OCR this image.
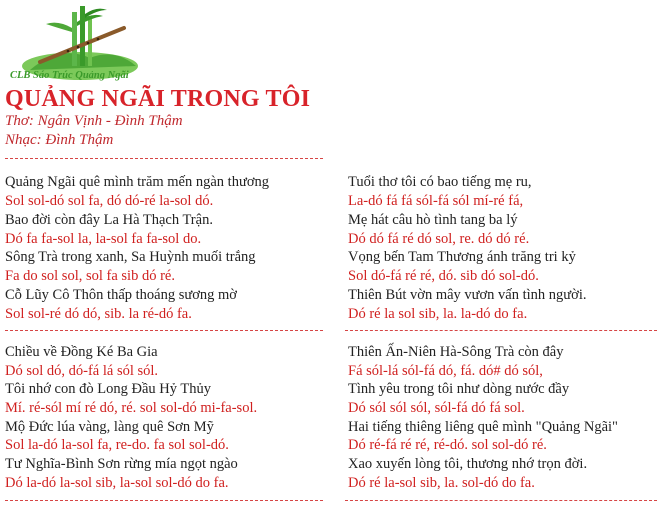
CLB Sáo Trúc Quảng Ngãi
QUẢNG NGÃI TRONG TÔI
Thơ: Ngân Vịnh - Đình Thậm
Nhạc: Đình Thậm
Quảng Ngãi quê mình trăm mến ngàn thương
Sol sol-dó sol fa, dó dó-ré la-sol dó.
Bao đời còn đây La Hà Thạch Trận.
Dó fa fa-sol la, la-sol fa fa-sol do.
Sông Trà trong xanh, Sa Huỳnh muối trắng
Fa do sol sol, sol fa sib dó ré.
Cỗ Lũy Cô Thôn thấp thoáng sương mờ
Sol sol-ré dó dó, sib. la ré-dó fa.
Chiều về Đồng Ké Ba Gia
Dó sol dó, dó-fá lá sól sól.
Tôi nhớ con đò Long Đầu Hỷ Thủy
Mí. ré-sól mí ré dó, ré. sol sol-dó mi-fa-sol.
Mộ Đức lúa vàng, làng quê Sơn Mỹ
Sol la-dó la-sol fa, re-do. fa sol sol-dó.
Tư Nghĩa-Bình Sơn rừng mía ngọt ngào
Dó la-dó la-sol sib, la-sol sol-dó do fa.
Tuổi thơ tôi có bao tiếng mẹ ru,
La-dó fá fá sól-fá sól mí-ré fá,
Mẹ hát câu hò tình tang ba lý
Dó dó fá ré dó sol, re. dó dó ré.
Vọng bến Tam Thương ánh trăng tri kỷ
Sol dó-fá ré ré, dó. sib dó sol-dó.
Thiên Bút vờn mây vươn vấn tình người.
Dó ré la sol sib, la. la-dó do fa.
Thiên Ấn-Niên Hà-Sông Trà còn đây
Fá sól-lá sól-fá dó, fá. dó# dó sól,
Tình yêu trong tôi như dòng nước đầy
Dó sól sól sól, sól-fá dó fá sol.
Hai tiếng thiêng liêng quê mình "Quảng Ngãi"
Dó ré-fá ré ré, ré-dó. sol sol-dó ré.
Xao xuyến lòng tôi, thương nhớ trọn đời.
Dó ré la-sol sib, la. sol-dó do fa.
